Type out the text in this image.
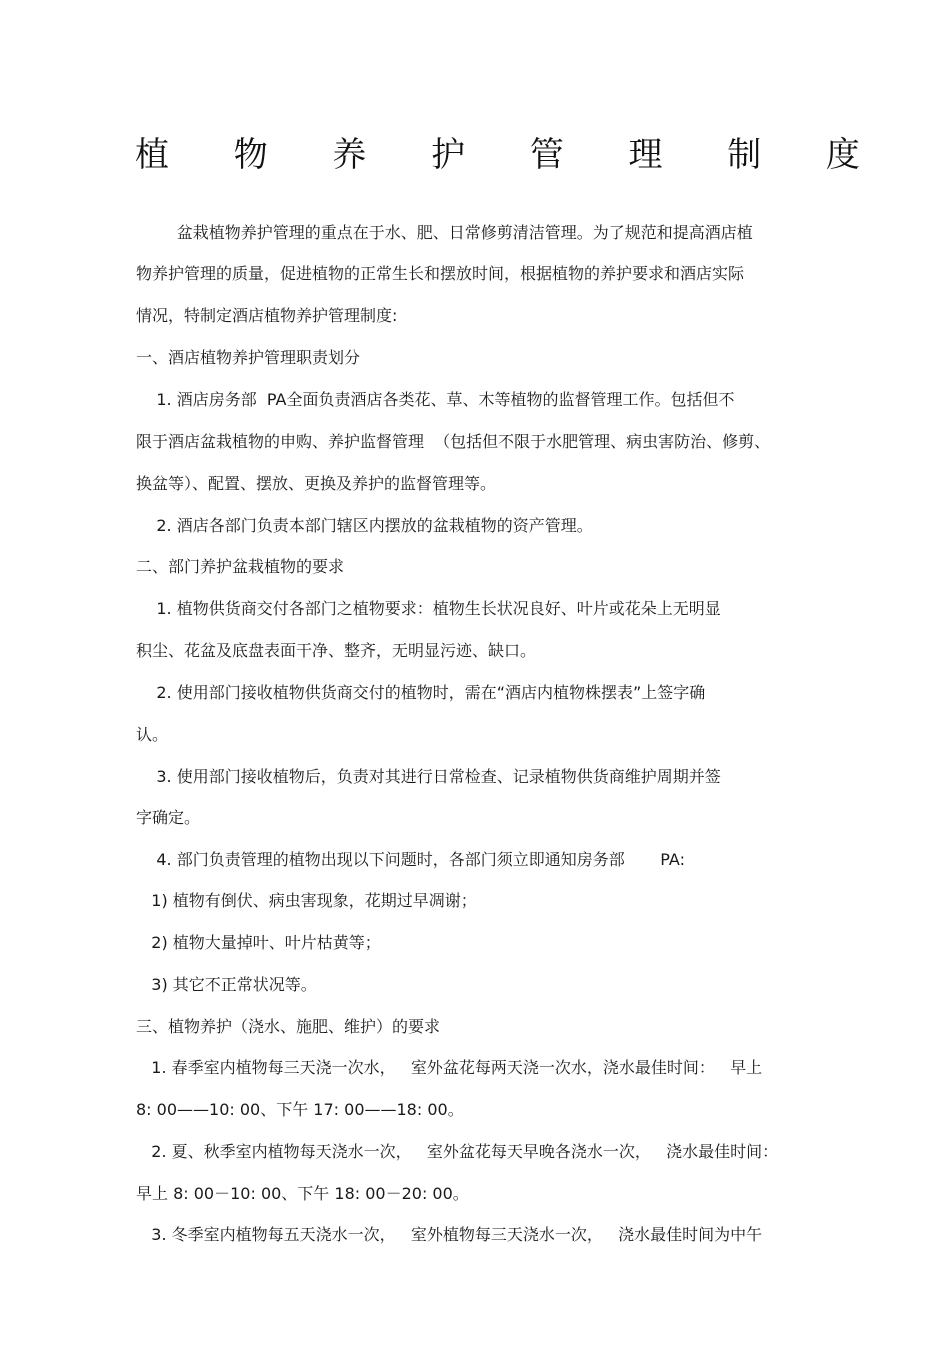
植 物 养 护 管 理 制 度
盆栽植物养护管理的重点在于水、肥、日常修剪清洁管理。为了规范和提高酒店植
物养护管理的质量，促进植物的正常生长和摆放时间，根据植物的养护要求和酒店实际
情况，特制定酒店植物养护管理制度:
一、酒店植物养护管理职责划分
1. 酒店房务部  PA全面负责酒店各类花、草、木等植物的监督管理工作。包括但不
限于酒店盆栽植物的申购、养护监督管理  （包括但不限于水肥管理、病虫害防治、修剪、
换盆等）、配置、摆放、更换及养护的监督管理等。
2. 酒店各部门负责本部门辖区内摆放的盆栽植物的资产管理。
二、部门养护盆栽植物的要求
1. 植物供货商交付各部门之植物要求：植物生长状况良好、叶片或花朵上无明显
积尘、花盆及底盘表面干净、整齐，无明显污迹、缺口。
2. 使用部门接收植物供货商交付的植物时，需在“酒店内植物株摆表”上签字确
认。
3. 使用部门接收植物后，负责对其进行日常检查、记录植物供货商维护周期并签
字确定。
4. 部门负责管理的植物出现以下问题时，各部门须立即通知房务部       PA:
1) 植物有倒伏、病虫害现象，花期过早凋谢；
2) 植物大量掉叶、叶片枯黄等；
3) 其它不正常状况等。
三、植物养护（浇水、施肥、维护）的要求
1. 春季室内植物每三天浇一次水，   室外盆花每两天浇一次水，浇水最佳时间：   早上
8: 00——10: 00、下午 17: 00——18: 00。
2. 夏、秋季室内植物每天浇水一次，   室外盆花每天早晚各浇水一次，   浇水最佳时间：
早上 8: 00－10: 00、下午 18: 00－20: 00。
3. 冬季室内植物每五天浇水一次，   室外植物每三天浇水一次，   浇水最佳时间为中午
